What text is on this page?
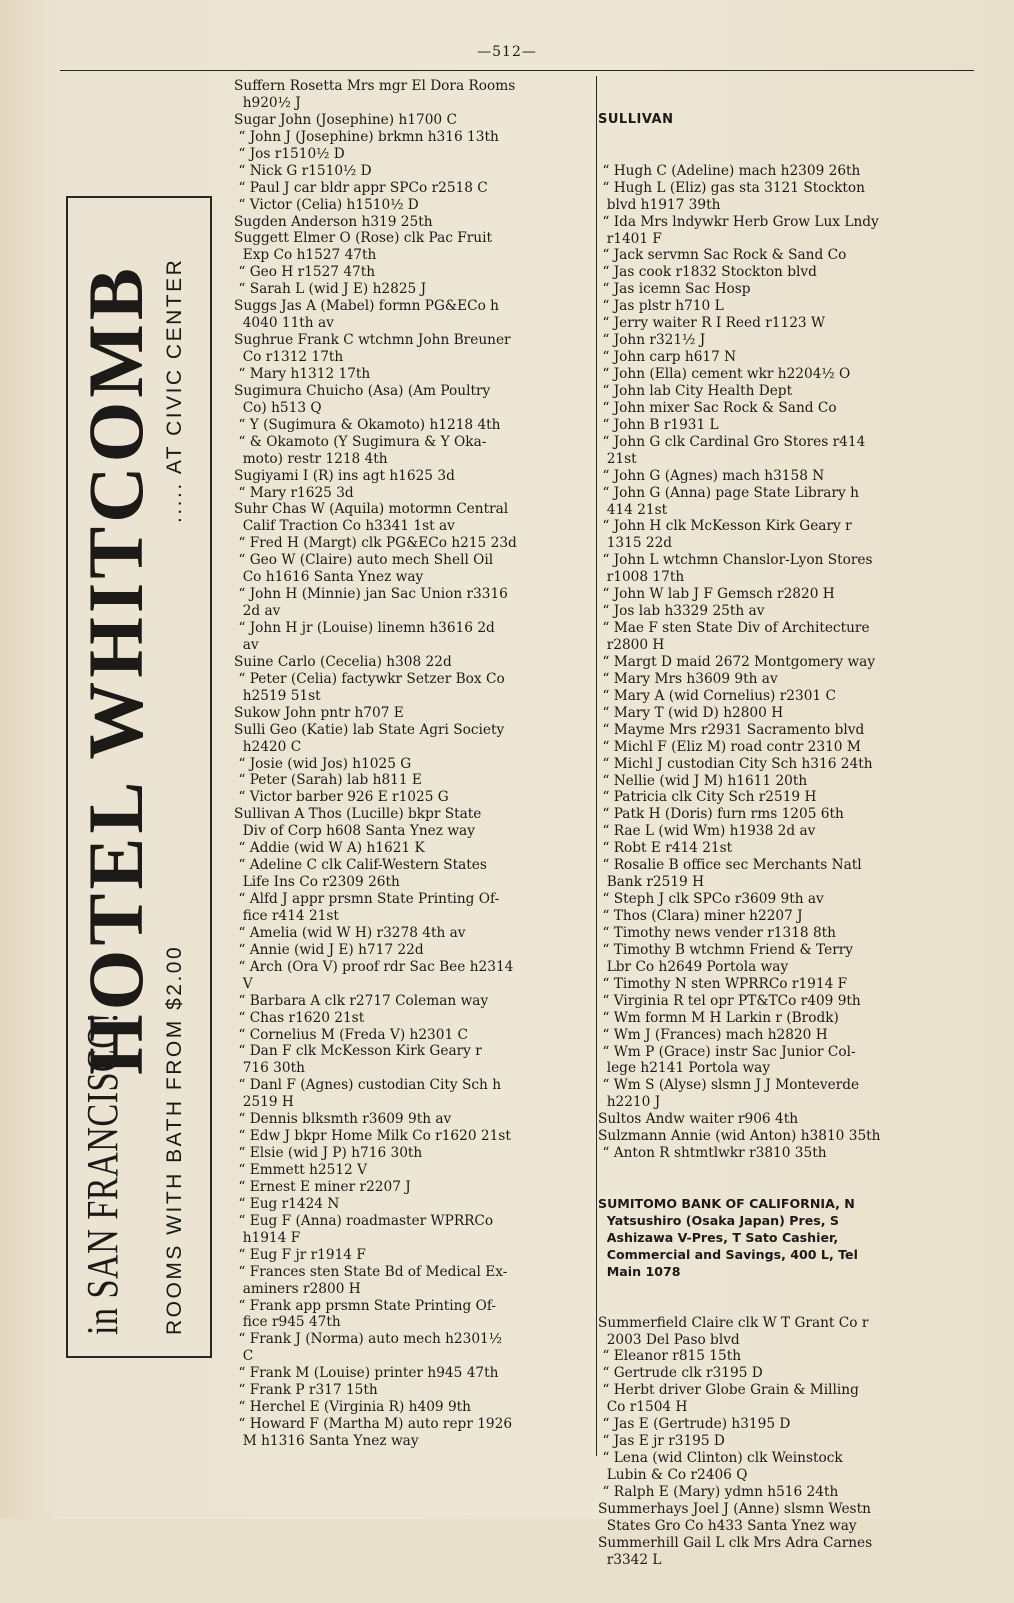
—512—
in SAN FRANCISCO!
HOTEL WHITCOMB
ROOMS WITH BATH FROM $2.00
..... AT CIVIC CENTER
Suffern Rosetta Mrs mgr El Dora Rooms
h920½ J
Sugar John (Josephine) h1700 C
“ John J (Josephine) brkmn h316 13th
“ Jos r1510½ D
“ Nick G r1510½ D
“ Paul J car bldr appr SPCo r2518 C
“ Victor (Celia) h1510½ D
Sugden Anderson h319 25th
Suggett Elmer O (Rose) clk Pac Fruit
Exp Co h1527 47th
“ Geo H r1527 47th
“ Sarah L (wid J E) h2825 J
Suggs Jas A (Mabel) formn PG&ECo h
4040 11th av
Sughrue Frank C wtchmn John Breuner
Co r1312 17th
“ Mary h1312 17th
Sugimura Chuicho (Asa) (Am Poultry
Co) h513 Q
“ Y (Sugimura & Okamoto) h1218 4th
“ & Okamoto (Y Sugimura & Y Oka-
moto) restr 1218 4th
Sugiyami I (R) ins agt h1625 3d
“ Mary r1625 3d
Suhr Chas W (Aquila) motormn Central
Calif Traction Co h3341 1st av
“ Fred H (Margt) clk PG&ECo h215 23d
“ Geo W (Claire) auto mech Shell Oil
Co h1616 Santa Ynez way
“ John H (Minnie) jan Sac Union r3316
2d av
“ John H jr (Louise) linemn h3616 2d
av
Suine Carlo (Cecelia) h308 22d
“ Peter (Celia) factywkr Setzer Box Co
h2519 51st
Sukow John pntr h707 E
Sulli Geo (Katie) lab State Agri Society
h2420 C
“ Josie (wid Jos) h1025 G
“ Peter (Sarah) lab h811 E
“ Victor barber 926 E r1025 G
Sullivan A Thos (Lucille) bkpr State
Div of Corp h608 Santa Ynez way
“ Addie (wid W A) h1621 K
“ Adeline C clk Calif-Western States
Life Ins Co r2309 26th
“ Alfd J appr prsmn State Printing Of-
fice r414 21st
“ Amelia (wid W H) r3278 4th av
“ Annie (wid J E) h717 22d
“ Arch (Ora V) proof rdr Sac Bee h2314
V
“ Barbara A clk r2717 Coleman way
“ Chas r1620 21st
“ Cornelius M (Freda V) h2301 C
“ Dan F clk McKesson Kirk Geary r
716 30th
“ Danl F (Agnes) custodian City Sch h
2519 H
“ Dennis blksmth r3609 9th av
“ Edw J bkpr Home Milk Co r1620 21st
“ Elsie (wid J P) h716 30th
“ Emmett h2512 V
“ Ernest E miner r2207 J
“ Eug r1424 N
“ Eug F (Anna) roadmaster WPRRCo
h1914 F
“ Eug F jr r1914 F
“ Frances sten State Bd of Medical Ex-
aminers r2800 H
“ Frank app prsmn State Printing Of-
fice r945 47th
“ Frank J (Norma) auto mech h2301½
C
“ Frank M (Louise) printer h945 47th
“ Frank P r317 15th
“ Herchel E (Virginia R) h409 9th
“ Howard F (Martha M) auto repr 1926
M h1316 Santa Ynez way

SULLIVAN

“ Hugh C (Adeline) mach h2309 26th
“ Hugh L (Eliz) gas sta 3121 Stockton
blvd h1917 39th
“ Ida Mrs lndywkr Herb Grow Lux Lndy
r1401 F
“ Jack servmn Sac Rock & Sand Co
“ Jas cook r1832 Stockton blvd
“ Jas icemn Sac Hosp
“ Jas plstr h710 L
“ Jerry waiter R I Reed r1123 W
“ John r321½ J
“ John carp h617 N
“ John (Ella) cement wkr h2204½ O
“ John lab City Health Dept
“ John mixer Sac Rock & Sand Co
“ John B r1931 L
“ John G clk Cardinal Gro Stores r414
21st
“ John G (Agnes) mach h3158 N
“ John G (Anna) page State Library h
414 21st
“ John H clk McKesson Kirk Geary r
1315 22d
“ John L wtchmn Chanslor-Lyon Stores
r1008 17th
“ John W lab J F Gemsch r2820 H
“ Jos lab h3329 25th av
“ Mae F sten State Div of Architecture
r2800 H
“ Margt D maid 2672 Montgomery way
“ Mary Mrs h3609 9th av
“ Mary A (wid Cornelius) r2301 C
“ Mary T (wid D) h2800 H
“ Mayme Mrs r2931 Sacramento blvd
“ Michl F (Eliz M) road contr 2310 M
“ Michl J custodian City Sch h316 24th
“ Nellie (wid J M) h1611 20th
“ Patricia clk City Sch r2519 H
“ Patk H (Doris) furn rms 1205 6th
“ Rae L (wid Wm) h1938 2d av
“ Robt E r414 21st
“ Rosalie B office sec Merchants Natl
Bank r2519 H
“ Steph J clk SPCo r3609 9th av
“ Thos (Clara) miner h2207 J
“ Timothy news vender r1318 8th
“ Timothy B wtchmn Friend & Terry
Lbr Co h2649 Portola way
“ Timothy N sten WPRRCo r1914 F
“ Virginia R tel opr PT&TCo r409 9th
“ Wm formn M H Larkin r (Brodk)
“ Wm J (Frances) mach h2820 H
“ Wm P (Grace) instr Sac Junior Col-
lege h2141 Portola way
“ Wm S (Alyse) slsmn J J Monteverde
h2210 J
Sultos Andw waiter r906 4th
Sulzmann Annie (wid Anton) h3810 35th
“ Anton R shtmtlwkr r3810 35th

SUMITOMO BANK OF CALIFORNIA, N
Yatsushiro (Osaka Japan) Pres, S
Ashizawa V-Pres, T Sato Cashier,
Commercial and Savings, 400 L, Tel
Main 1078

Summerfield Claire clk W T Grant Co r
2003 Del Paso blvd
“ Eleanor r815 15th
“ Gertrude clk r3195 D
“ Herbt driver Globe Grain & Milling
Co r1504 H
“ Jas E (Gertrude) h3195 D
“ Jas E jr r3195 D
“ Lena (wid Clinton) clk Weinstock
Lubin & Co r2406 Q
“ Ralph E (Mary) ydmn h516 24th
Summerhays Joel J (Anne) slsmn Westn
States Gro Co h433 Santa Ynez way
Summerhill Gail L clk Mrs Adra Carnes
r3342 L
